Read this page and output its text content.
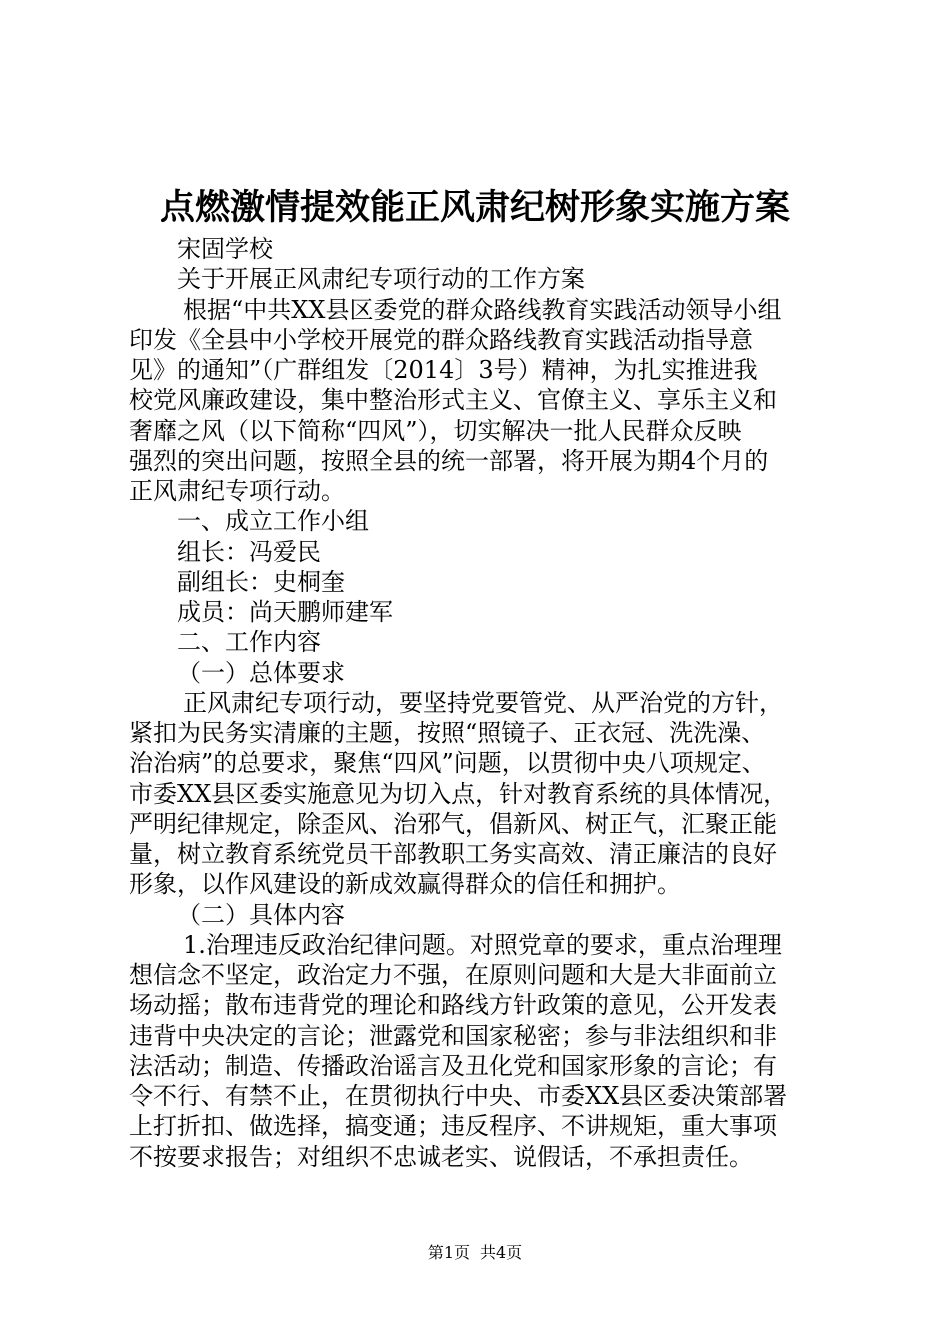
点燃激情提效能正风肃纪树形象实施方案
宋固学校
关于开展正风肃纪专项行动的工作方案
根据“中共XX县区委党的群众路线教育实践活动领导小组
印发《全县中小学校开展党的群众路线教育实践活动指导意
见》的通知”（广群组发〔2014〕3号）精神，为扎实推进我
校党风廉政建设，集中整治形式主义、官僚主义、享乐主义和
奢靡之风（以下简称“四风”），切实解决一批人民群众反映
强烈的突出问题，按照全县的统一部署，将开展为期4个月的
正风肃纪专项行动。
一、成立工作小组
组长：冯爱民
副组长：史桐奎
成员：尚天鹏师建军
二、工作内容
（一）总体要求
正风肃纪专项行动，要坚持党要管党、从严治党的方针，
紧扣为民务实清廉的主题，按照“照镜子、正衣冠、洗洗澡、
治治病”的总要求，聚焦“四风”问题，以贯彻中央八项规定、
市委XX县区委实施意见为切入点，针对教育系统的具体情况，
严明纪律规定，除歪风、治邪气，倡新风、树正气，汇聚正能
量，树立教育系统党员干部教职工务实高效、清正廉洁的良好
形象，以作风建设的新成效赢得群众的信任和拥护。
（二）具体内容
1.治理违反政治纪律问题。对照党章的要求，重点治理理
想信念不坚定，政治定力不强，在原则问题和大是大非面前立
场动摇；散布违背党的理论和路线方针政策的意见，公开发表
违背中央决定的言论；泄露党和国家秘密；参与非法组织和非
法活动；制造、传播政治谣言及丑化党和国家形象的言论；有
令不行、有禁不止，在贯彻执行中央、市委XX县区委决策部署
上打折扣、做选择，搞变通；违反程序、不讲规矩，重大事项
不按要求报告；对组织不忠诚老实、说假话，不承担责任。
第1页 共4页
